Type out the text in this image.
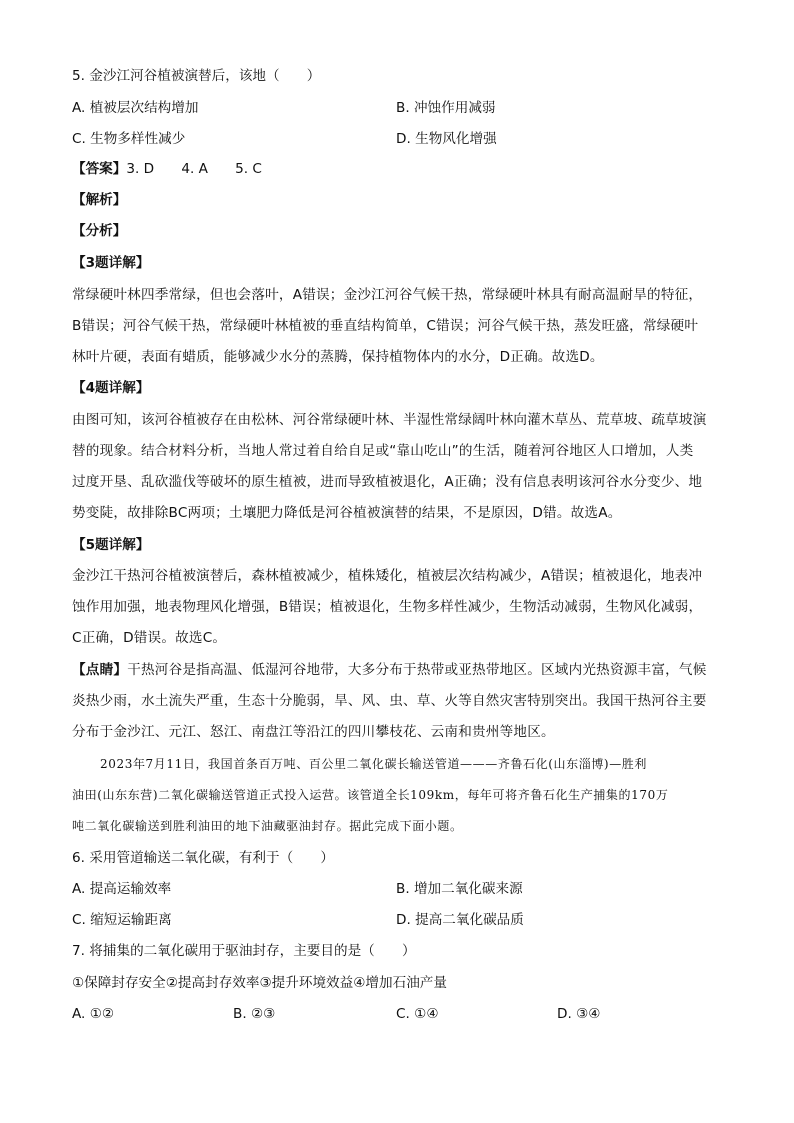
5. 金沙江河谷植被演替后，该地（　　）
A. 植被层次结构增加	B. 冲蚀作用减弱
C. 生物多样性减少	D. 生物风化增强
【答案】3. D　　4. A　　5. C
【解析】
【分析】
【3题详解】
常绿硬叶林四季常绿，但也会落叶，A错误；金沙江河谷气候干热，常绿硬叶林具有耐高温耐旱的特征，
B错误；河谷气候干热，常绿硬叶林植被的垂直结构简单，C错误；河谷气候干热，蒸发旺盛，常绿硬叶
林叶片硬，表面有蜡质，能够减少水分的蒸腾，保持植物体内的水分，D正确。故选D。
【4题详解】
由图可知，该河谷植被存在由松林、河谷常绿硬叶林、半湿性常绿阔叶林向灌木草丛、荒草坡、疏草坡演
替的现象。结合材料分析，当地人常过着自给自足或“靠山吃山”的生活，随着河谷地区人口增加，人类
过度开垦、乱砍滥伐等破坏的原生植被，进而导致植被退化，A正确；没有信息表明该河谷水分变少、地
势变陡，故排除BC两项；土壤肥力降低是河谷植被演替的结果，不是原因，D错。故选A。
【5题详解】
金沙江干热河谷植被演替后，森林植被减少，植株矮化，植被层次结构减少，A错误；植被退化，地表冲
蚀作用加强，地表物理风化增强，B错误；植被退化，生物多样性减少，生物活动减弱，生物风化减弱，
C正确，D错误。故选C。
【点睛】干热河谷是指高温、低湿河谷地带，大多分布于热带或亚热带地区。区域内光热资源丰富，气候
炎热少雨，水土流失严重，生态十分脆弱，旱、风、虫、草、火等自然灾害特别突出。我国干热河谷主要
分布于金沙江、元江、怒江、南盘江等沿江的四川攀枝花、云南和贵州等地区。
2023年7月11日，我国首条百万吨、百公里二氧化碳长输送管道———齐鲁石化(山东淄博)—胜利
油田(山东东营)二氧化碳输送管道正式投入运营。该管道全长109km，每年可将齐鲁石化生产捕集的170万
吨二氧化碳输送到胜利油田的地下油藏驱油封存。据此完成下面小题。
6. 采用管道输送二氧化碳，有利于（　　）
A. 提高运输效率	B. 增加二氧化碳来源
C. 缩短运输距离	D. 提高二氧化碳品质
7. 将捕集的二氧化碳用于驱油封存，主要目的是（　　）
①保障封存安全②提高封存效率③提升环境效益④增加石油产量
A. ①②	B. ②③	C. ①④	D. ③④
